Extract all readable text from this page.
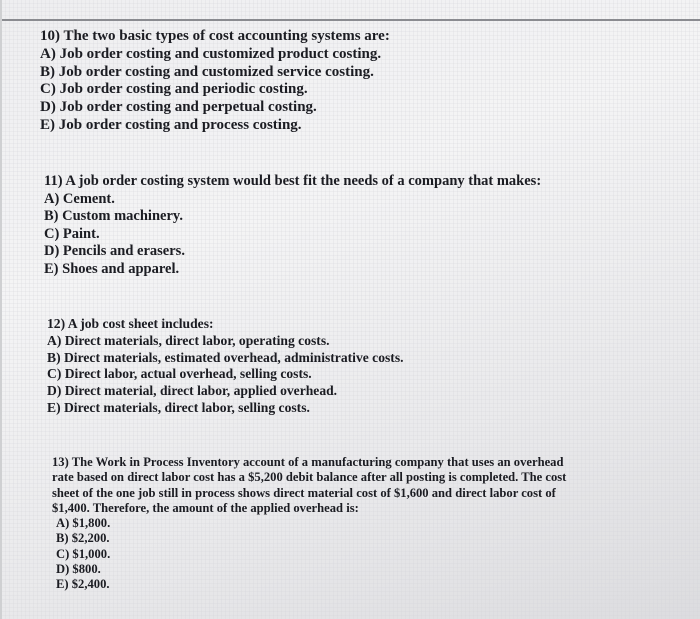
10) The two basic types of cost accounting systems are:

A) Job order costing and customized product costing.

B) Job order costing and customized service costing.

C) Job order costing and periodic costing.

D) Job order costing and perpetual costing.

E) Job order costing and process costing.

11) A job order costing system would best fit the needs of a company that makes:

A) Cement.

B) Custom machinery.

C) Paint.

D) Pencils and erasers.

E) Shoes and apparel.

12) A job cost sheet includes:

A) Direct materials, direct labor, operating costs.

B) Direct materials, estimated overhead, administrative costs.

C) Direct labor, actual overhead, selling costs.

D) Direct material, direct labor, applied overhead.

E) Direct materials, direct labor, selling costs.

13) The Work in Process Inventory account of a manufacturing company that uses an overhead

rate based on direct labor cost has a $5,200 debit balance after all posting is completed. The cost

sheet of the one job still in process shows direct material cost of $1,600 and direct labor cost of

$1,400. Therefore, the amount of the applied overhead is:

A) $1,800.

B) $2,200.

C) $1,000.

D) $800.

E) $2,400.
